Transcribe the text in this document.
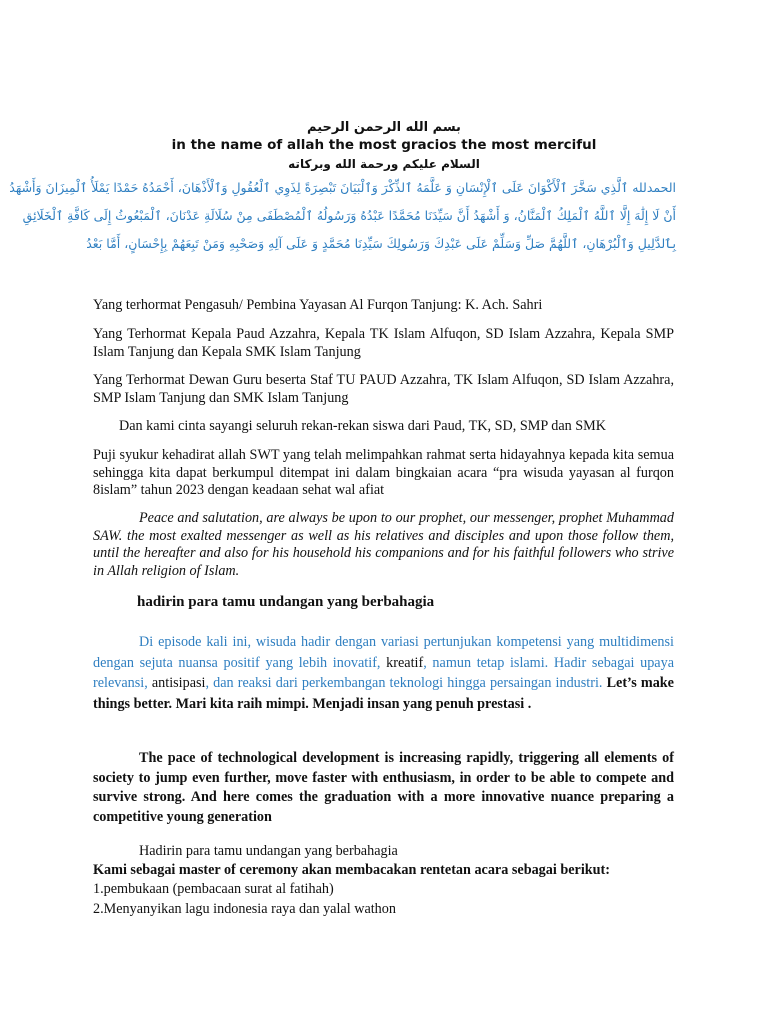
بسم الله الرحمن الرحيم
in the name of allah the most gracios the most merciful
السلام عليكم ورحمة الله وبركاته
الحمدلله ٱلَّذِي سَخَّرَ ٱلْأَكْوَانَ عَلَى ٱلْإِنْسَانِ وَ عَلَّمَهُ ٱلذِّكْرَ وَٱلْبَيَانَ تَبْصِرَةً لِذَوِي ٱلْعُقُولِ وَٱلْأَذْهَانَ، أَحْمَدُهُ حَمْدًا يَمْلَأُ ٱلْمِيزَانَ وَأَشْهَدُ
أَنْ لَا إِلَٰهَ إِلَّا ٱللَّهُ ٱلْمَلِكُ ٱلْمَنَّانُ، وَ أَشْهَدُ أَنَّ سَيِّدَنَا مُحَمَّدًا عَبْدُهُ وَرَسُولُهُ ٱلْمُصْطَفَى مِنْ سُلَالَةِ عَدْنَانَ، ٱلْمَبْعُوثُ إِلَى كَافَّةِ ٱلْخَلَائِقِ
بِٱلدَّلِيلِ وَٱلْبُرْهَانِ، ٱللَّهُمَّ صَلِّ وَسَلِّمْ عَلَى عَبْدِكَ وَرَسُولِكَ سَيِّدِنَا مُحَمَّدٍ وَ عَلَى آلِهِ وَصَحْبِهِ وَمَنْ تَبِعَهُمْ بِإِحْسَانٍ، أَمَّا بَعْدُ

Yang terhormat Pengasuh/ Pembina Yayasan Al Furqon Tanjung: K. Ach. Sahri

Yang Terhormat Kepala Paud Azzahra, Kepala TK Islam Alfuqon, SD Islam Azzahra, Kepala SMP Islam Tanjung dan Kepala SMK Islam Tanjung

Yang Terhormat Dewan Guru beserta Staf TU PAUD Azzahra, TK Islam Alfuqon, SD Islam Azzahra, SMP Islam Tanjung dan SMK Islam Tanjung

Dan kami cinta sayangi seluruh rekan-rekan siswa dari Paud, TK, SD, SMP dan SMK

Puji syukur kehadirat allah SWT yang telah melimpahkan rahmat serta hidayahnya kepada kita semua sehingga kita dapat berkumpul ditempat ini dalam bingkaian acara “pra wisuda yayasan al furqon 8islam” tahun 2023 dengan keadaan sehat wal afiat

Peace and salutation, are always be upon to our prophet, our messenger, prophet Muhammad SAW. the most exalted messenger as well as his relatives and disciples and upon those follow them, until the hereafter and also for his household his companions and for his faithful followers who strive in Allah religion of Islam.

hadirin para tamu undangan yang berbahagia

Di episode kali ini, wisuda hadir dengan variasi pertunjukan kompetensi yang multidimensi dengan sejuta nuansa positif yang lebih inovatif, kreatif, namun tetap islami. Hadir sebagai upaya relevansi, antisipasi, dan reaksi dari perkembangan teknologi hingga persaingan industri. Let’s make things better. Mari kita raih mimpi. Menjadi insan yang penuh prestasi .

The pace of technological development is increasing rapidly, triggering all elements of society to jump even further, move faster with enthusiasm, in order to be able to compete and survive strong. And here comes the graduation with a more innovative nuance preparing a competitive young generation

Hadirin para tamu undangan yang berbahagia

Kami sebagai master of ceremony akan membacakan rentetan acara sebagai berikut:

1.pembukaan (pembacaan surat al fatihah)

2.Menyanyikan lagu indonesia raya dan yalal wathon
